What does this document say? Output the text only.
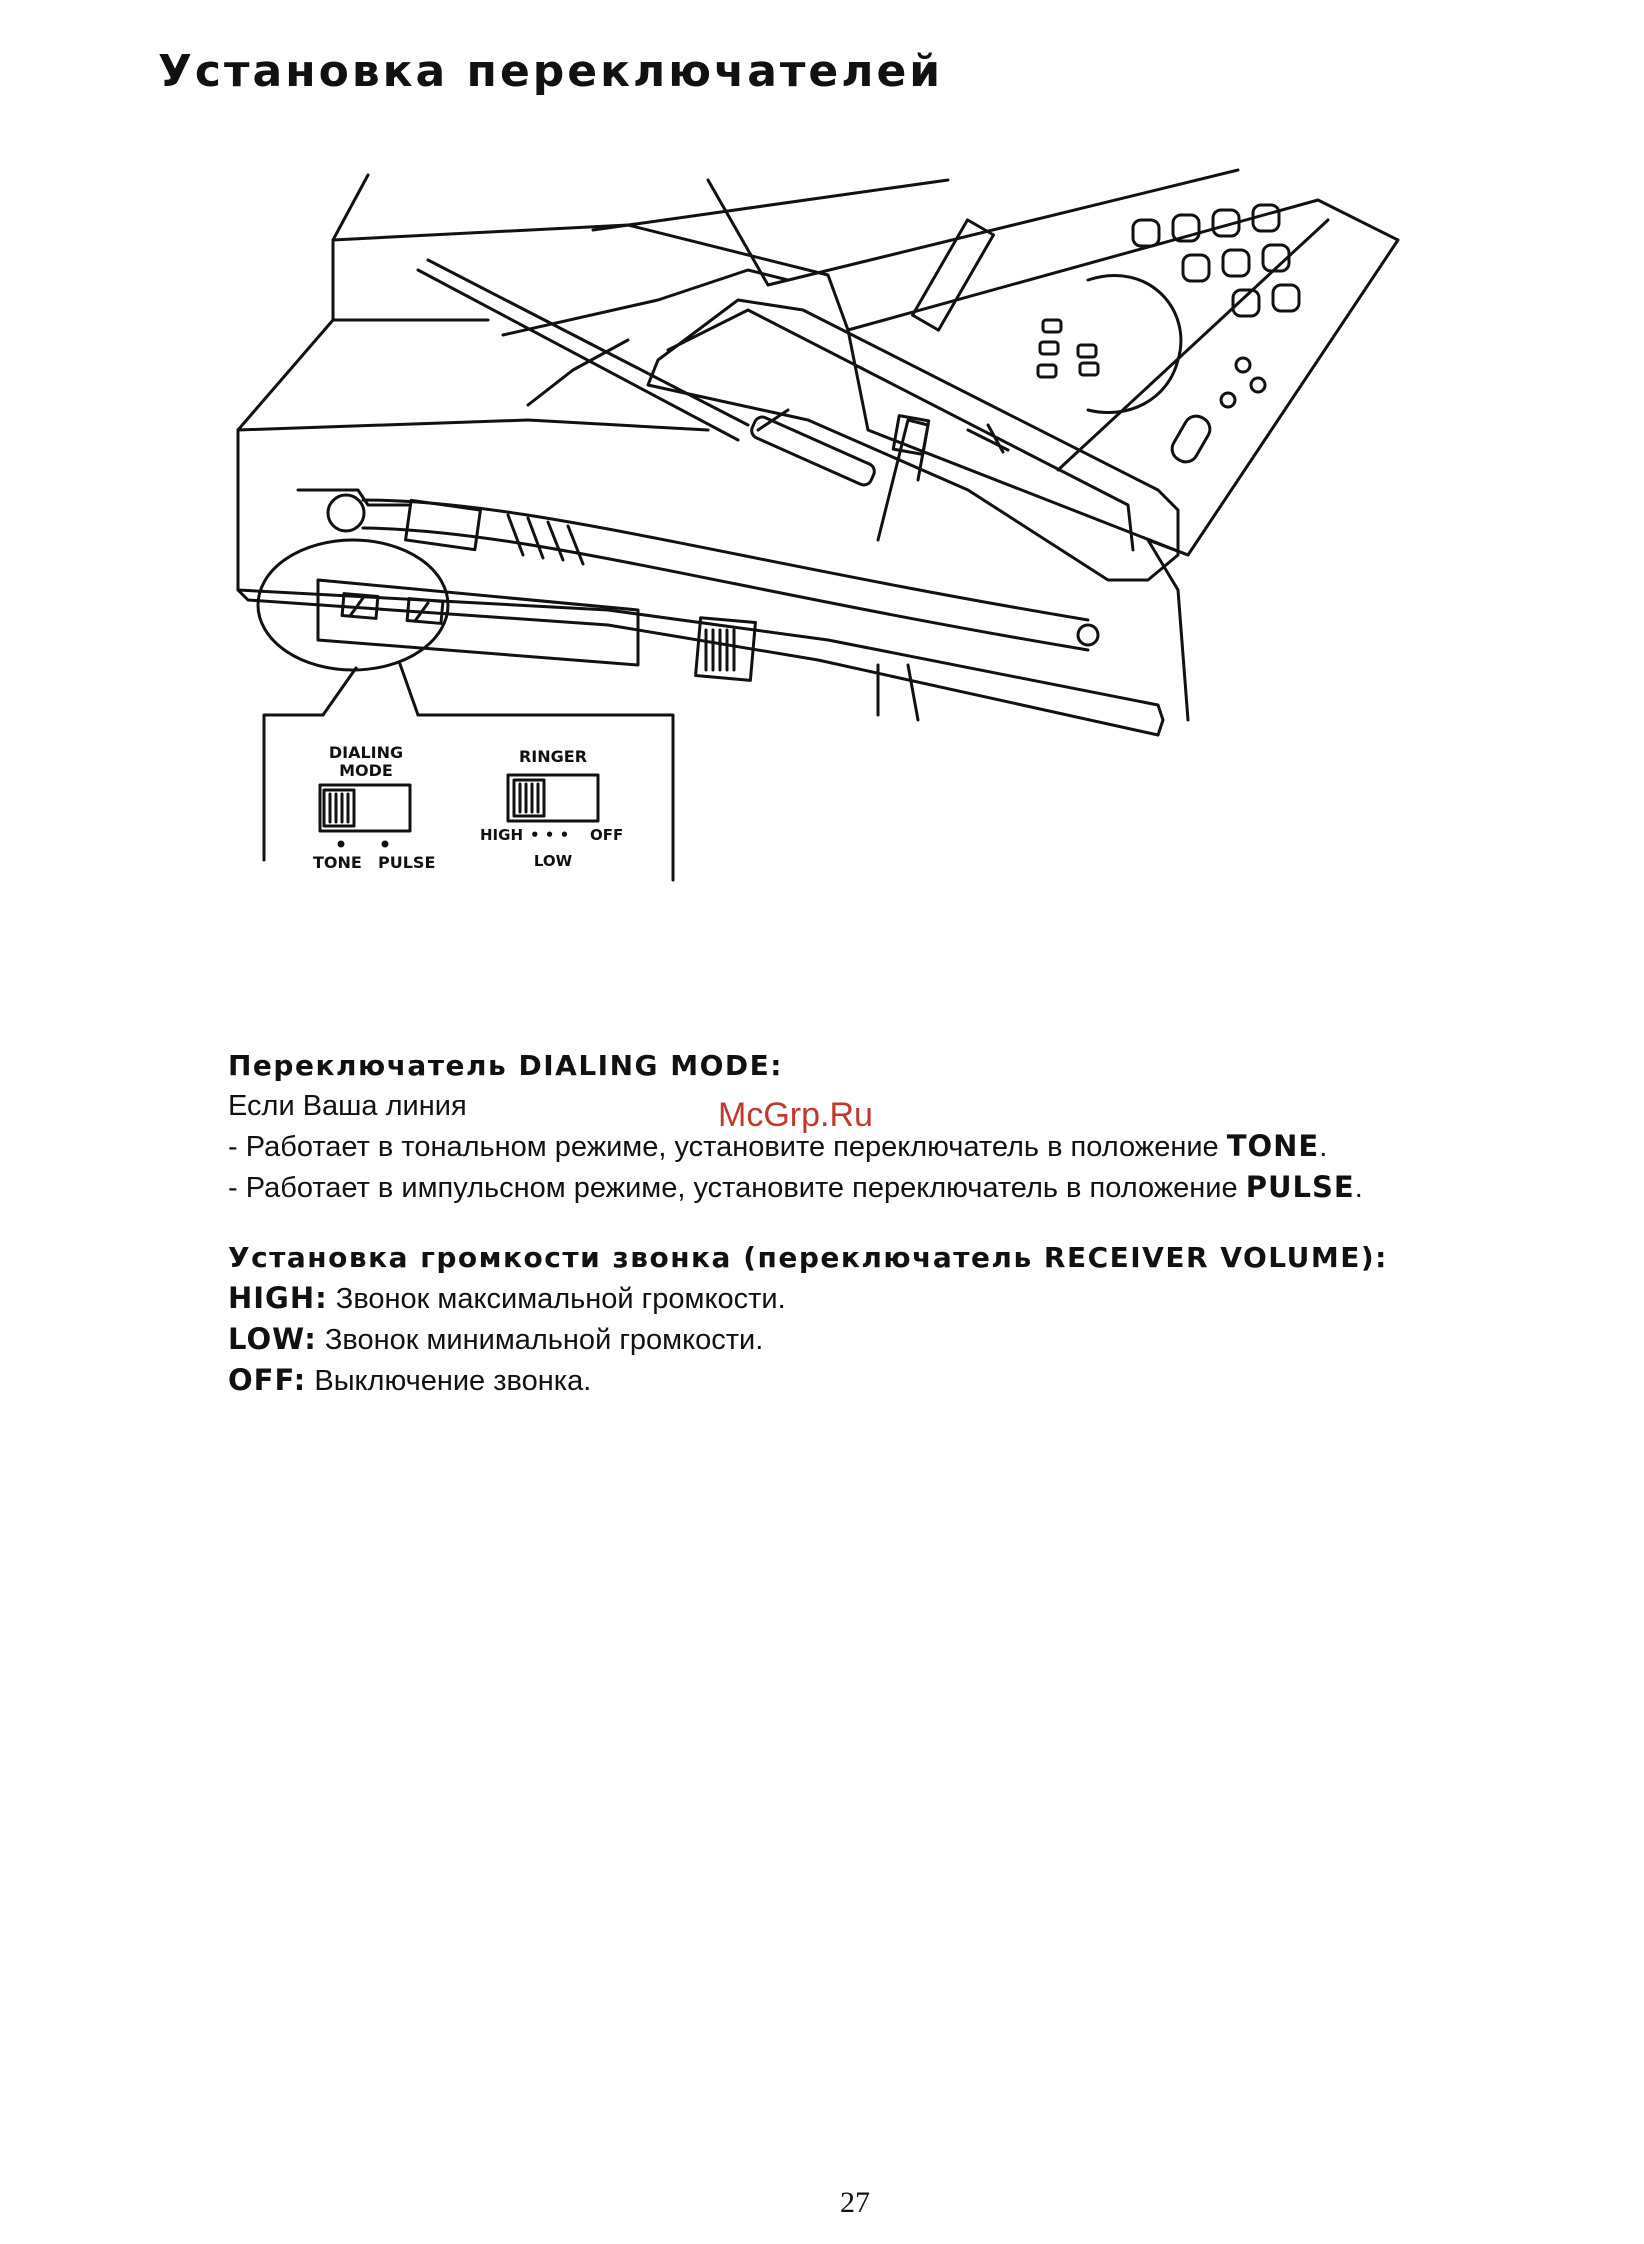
Установка переключателей
DIALING
MODE
TONE PULSE
RINGER
HIGH • • • OFF
LOW
Переключатель DIALING MODE:
Если Ваша линия
- Работает в тональном режиме, установите переключатель в положение TONE.
- Работает в импульсном режиме, установите переключатель в положение PULSE.
McGrp.Ru
Установка громкости звонка (переключатель RECEIVER VOLUME):
HIGH: Звонок максимальной громкости.
LOW: Звонок минимальной громкости.
OFF: Выключение звонка.
27
